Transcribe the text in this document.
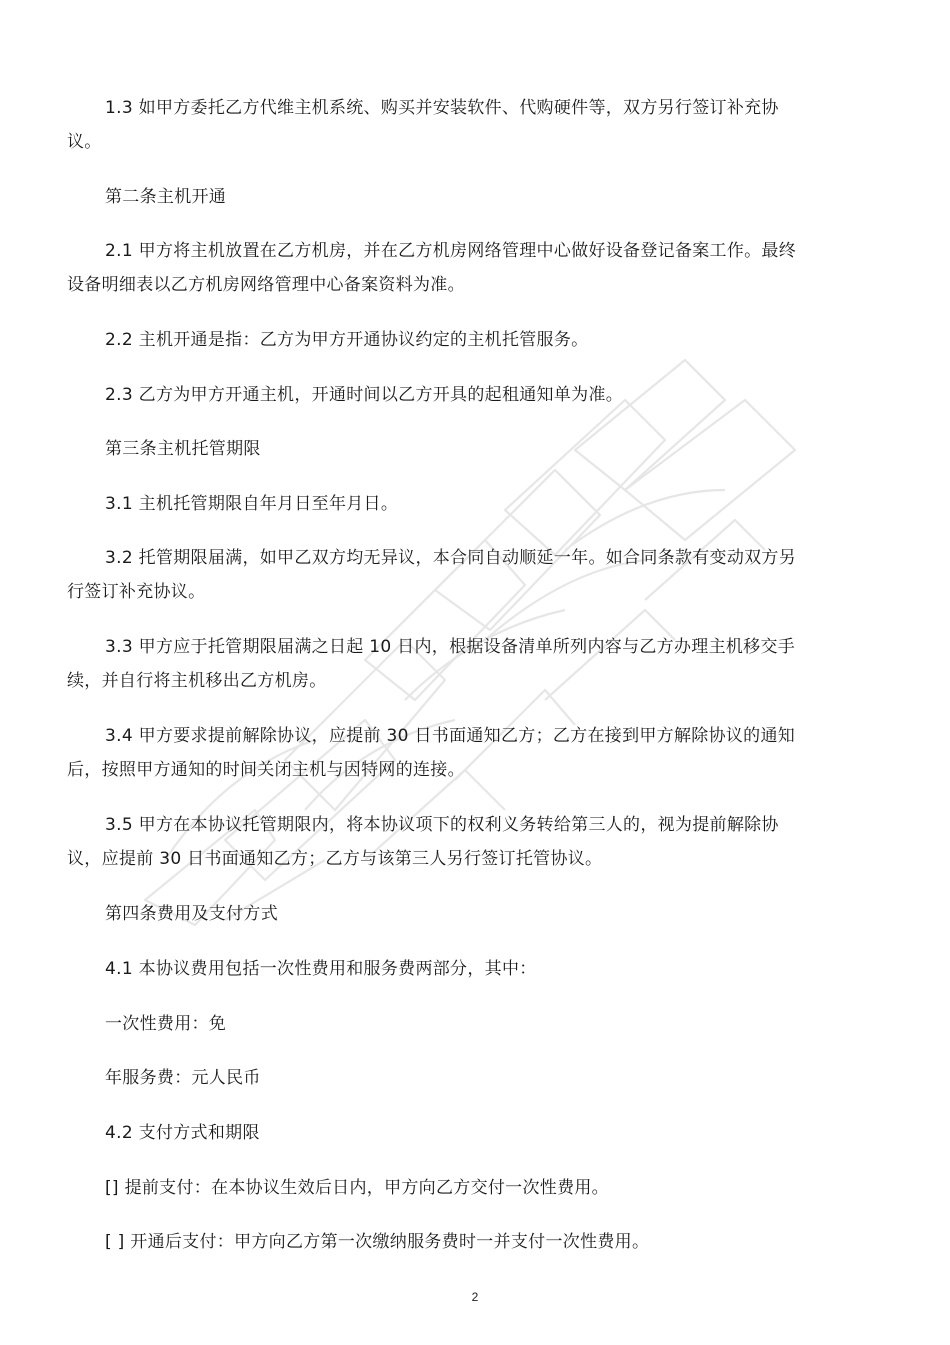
1.3 如甲方委托乙方代维主机系统、购买并安装软件、代购硬件等，双方另行签订补充协
议。
第二条主机开通
2.1 甲方将主机放置在乙方机房，并在乙方机房网络管理中心做好设备登记备案工作。最终
设备明细表以乙方机房网络管理中心备案资料为准。
2.2 主机开通是指：乙方为甲方开通协议约定的主机托管服务。
2.3 乙方为甲方开通主机，开通时间以乙方开具的起租通知单为准。
第三条主机托管期限
3.1 主机托管期限自年月日至年月日。
3.2 托管期限届满，如甲乙双方均无异议，本合同自动顺延一年。如合同条款有变动双方另
行签订补充协议。
3.3 甲方应于托管期限届满之日起 10 日内，根据设备清单所列内容与乙方办理主机移交手
续，并自行将主机移出乙方机房。
3.4 甲方要求提前解除协议，应提前 30 日书面通知乙方；乙方在接到甲方解除协议的通知
后，按照甲方通知的时间关闭主机与因特网的连接。
3.5 甲方在本协议托管期限内，将本协议项下的权利义务转给第三人的，视为提前解除协
议，应提前 30 日书面通知乙方；乙方与该第三人另行签订托管协议。
第四条费用及支付方式
4.1 本协议费用包括一次性费用和服务费两部分，其中：
一次性费用：免
年服务费：元人民币
4.2 支付方式和期限
[] 提前支付：在本协议生效后日内，甲方向乙方交付一次性费用。
[ ] 开通后支付：甲方向乙方第一次缴纳服务费时一并支付一次性费用。
2
